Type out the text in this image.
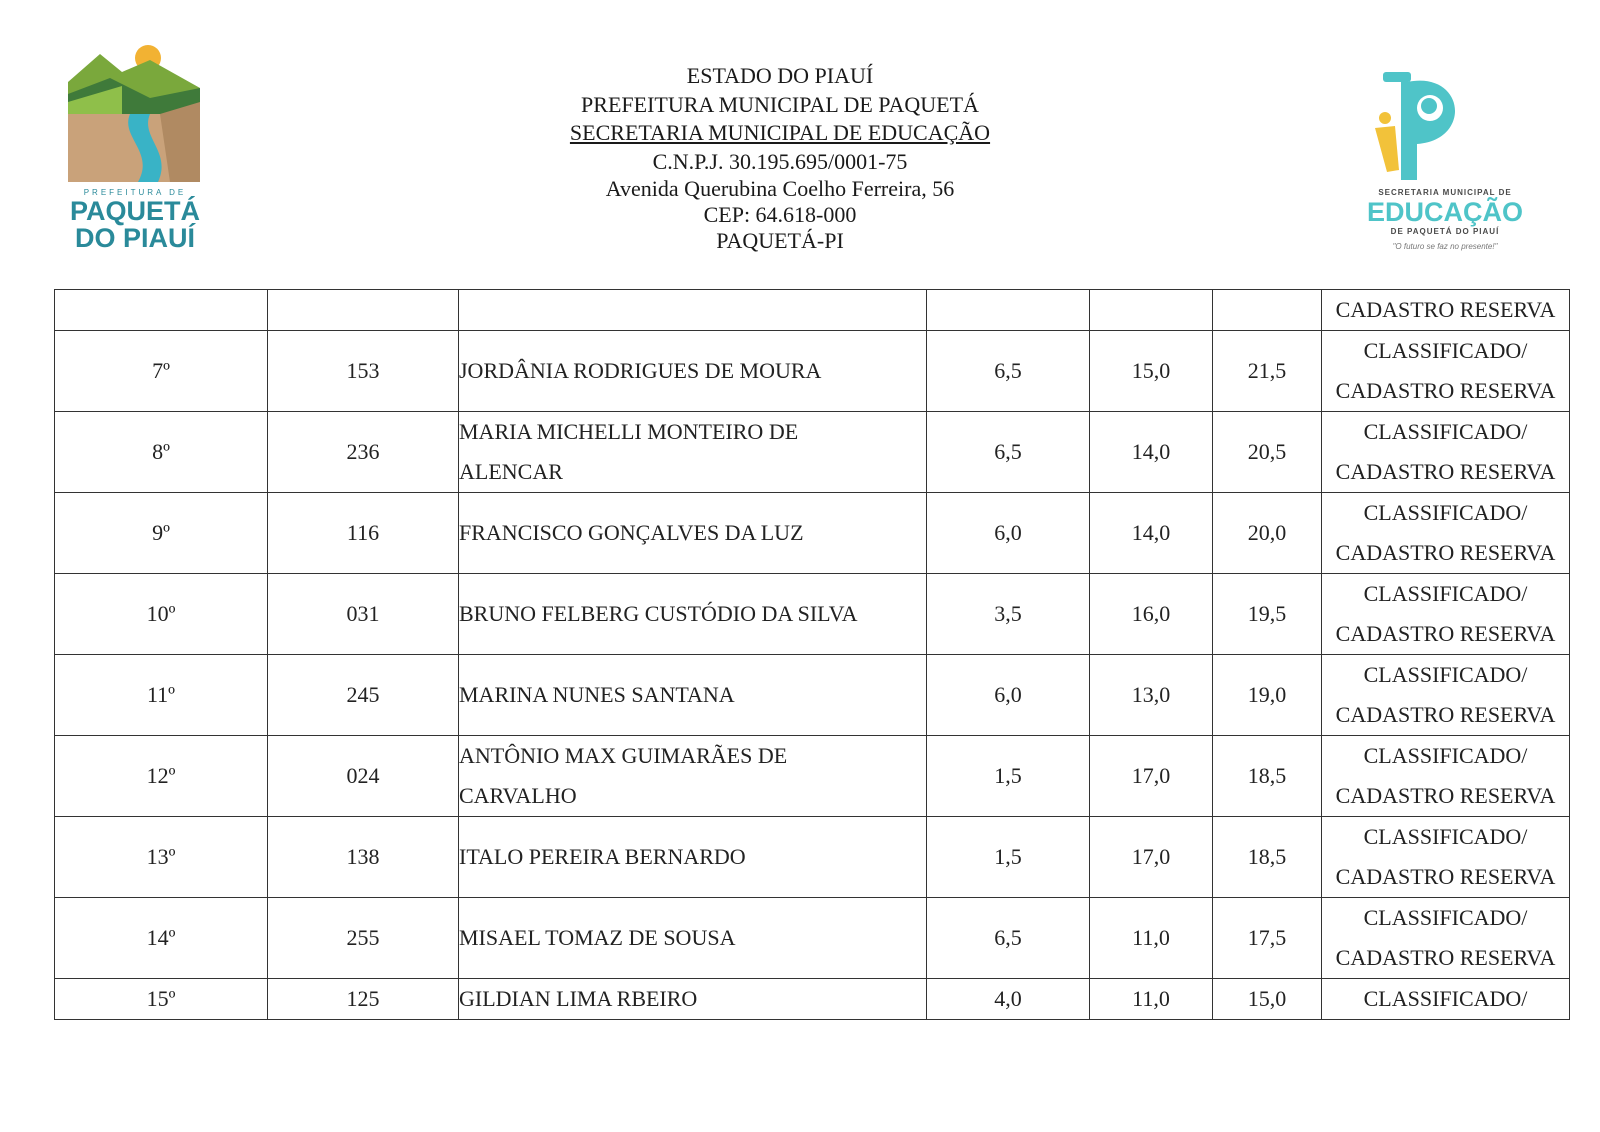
PREFEITURA DE
PAQUETÁ
DO PIAUÍ
ESTADO DO PIAUÍ
PREFEITURA MUNICIPAL DE PAQUETÁ
SECRETARIA MUNICIPAL DE EDUCAÇÃO
C.N.P.J. 30.195.695/0001-75
Avenida Querubina Coelho Ferreira, 56
CEP: 64.618-000
PAQUETÁ-PI
SECRETARIA MUNICIPAL DE
EDUCAÇÃO
DE PAQUETÁ DO PIAUÍ
"O futuro se faz no presente!"
						CADASTRO RESERVA
7º	153	JORDÂNIA RODRIGUES DE MOURA	6,5	15,0	21,5	CLASSIFICADO/
CADASTRO RESERVA

8º	236	MARIA MICHELLI MONTEIRO DE
ALENCAR	6,5	14,0	20,5	CLASSIFICADO/
CADASTRO RESERVA

9º	116	FRANCISCO GONÇALVES DA LUZ	6,0	14,0	20,0	CLASSIFICADO/
CADASTRO RESERVA

10º	031	BRUNO FELBERG CUSTÓDIO DA SILVA	3,5	16,0	19,5	CLASSIFICADO/
CADASTRO RESERVA

11º	245	MARINA NUNES SANTANA	6,0	13,0	19,0	CLASSIFICADO/
CADASTRO RESERVA

12º	024	ANTÔNIO MAX GUIMARÃES DE
CARVALHO	1,5	17,0	18,5	CLASSIFICADO/
CADASTRO RESERVA

13º	138	ITALO PEREIRA BERNARDO	1,5	17,0	18,5	CLASSIFICADO/
CADASTRO RESERVA

14º	255	MISAEL TOMAZ DE SOUSA	6,5	11,0	17,5	CLASSIFICADO/
CADASTRO RESERVA

15º	125	GILDIAN LIMA RBEIRO	4,0	11,0	15,0	CLASSIFICADO/
